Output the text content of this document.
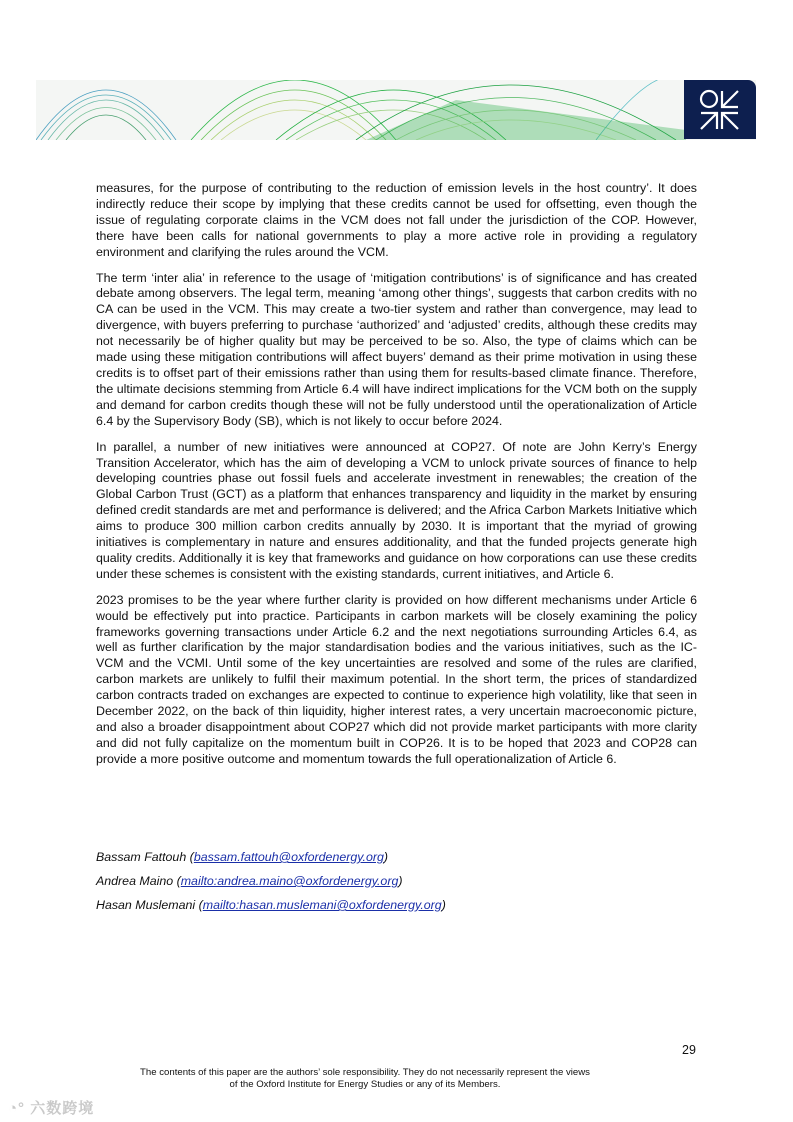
measures, for the purpose of contributing to the reduction of emission levels in the host country’. It does indirectly reduce their scope by implying that these credits cannot be used for offsetting, even though the issue of regulating corporate claims in the VCM does not fall under the jurisdiction of the COP. However, there have been calls for national governments to play a more active role in providing a regulatory environment and clarifying the rules around the VCM.

The term ‘inter alia’ in reference to the usage of ‘mitigation contributions’ is of significance and has created debate among observers. The legal term, meaning ‘among other things’, suggests that carbon credits with no CA can be used in the VCM. This may create a two-tier system and rather than convergence, may lead to divergence, with buyers preferring to purchase ‘authorized’ and ‘adjusted’ credits, although these credits may not necessarily be of higher quality but may be perceived to be so. Also, the type of claims which can be made using these mitigation contributions will affect buyers’ demand as their prime motivation in using these credits is to offset part of their emissions rather than using them for results-based climate finance. Therefore, the ultimate decisions stemming from Article 6.4 will have indirect implications for the VCM both on the supply and demand for carbon credits though these will not be fully understood until the operationalization of Article 6.4 by the Supervisory Body (SB), which is not likely to occur before 2024.

In parallel, a number of new initiatives were announced at COP27. Of note are John Kerry’s Energy Transition Accelerator, which has the aim of developing a VCM to unlock private sources of finance to help developing countries phase out fossil fuels and accelerate investment in renewables; the creation of the Global Carbon Trust (GCT) as a platform that enhances transparency and liquidity in the market by ensuring defined credit standards are met and performance is delivered; and the Africa Carbon Markets Initiative which aims to produce 300 million carbon credits annually by 2030. It is important that the myriad of growing initiatives is complementary in nature and ensures additionality, and that the funded projects generate high quality credits. Additionally it is key that frameworks and guidance on how corporations can use these credits under these schemes is consistent with the existing standards, current initiatives, and Article 6.

2023 promises to be the year where further clarity is provided on how different mechanisms under Article 6 would be effectively put into practice. Participants in carbon markets will be closely examining the policy frameworks governing transactions under Article 6.2 and the next negotiations surrounding Articles 6.4, as well as further clarification by the major standardisation bodies and the various initiatives, such as the IC-VCM and the VCMI. Until some of the key uncertainties are resolved and some of the rules are clarified, carbon markets are unlikely to fulfil their maximum potential. In the short term, the prices of standardized carbon contracts traded on exchanges are expected to continue to experience high volatility, like that seen in December 2022, on the back of thin liquidity, higher interest rates, a very uncertain macroeconomic picture, and also a broader disappointment about COP27 which did not provide market participants with more clarity and did not fully capitalize on the momentum built in COP26. It is to be hoped that 2023 and COP28 can provide a more positive outcome and momentum towards the full operationalization of Article 6.

Bassam Fattouh (bassam.fattouh@oxfordenergy.org)
Andrea Maino (mailto:andrea.maino@oxfordenergy.org)
Hasan Muslemani (mailto:hasan.muslemani@oxfordenergy.org)
29
The contents of this paper are the authors’ sole responsibility. They do not necessarily represent the views
of the Oxford Institute for Energy Studies or any of its Members.
◔° 六数跨境
